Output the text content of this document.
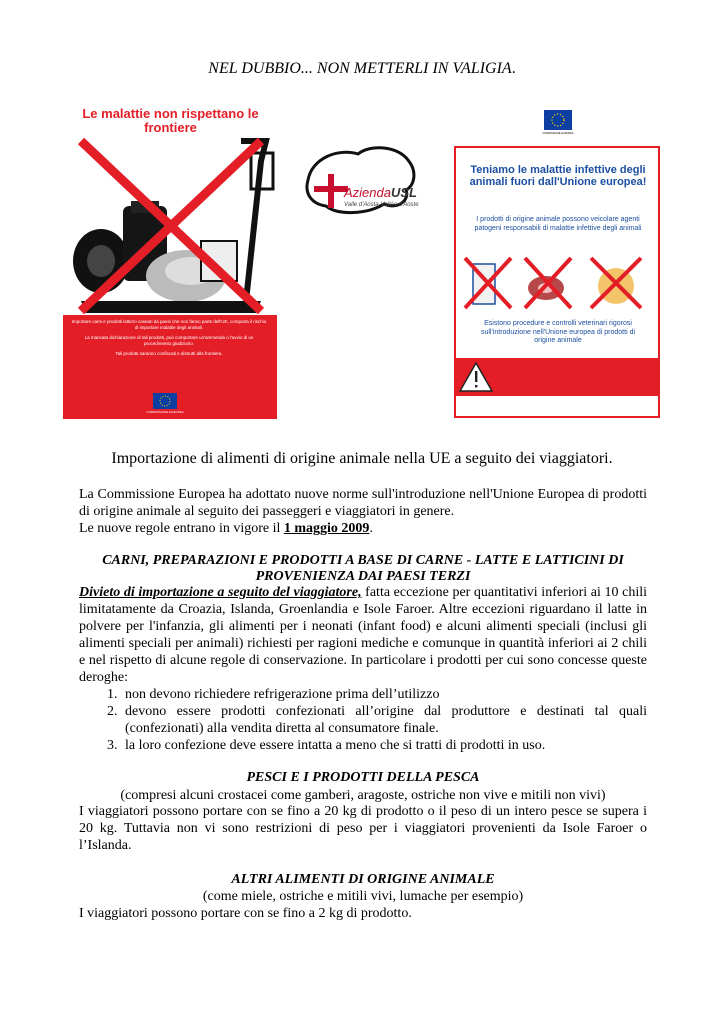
NEL DUBBIO... NON METTERLI IN VALIGIA.
Le malattie non rispettano le frontiere
Importare carni e prodotti lattiero caseari da paesi che non fanno parte dell'UE, comporta il rischio di importare malattie degli animali.
La mancata dichiarazione di tali prodotti, può comportare un'ammenda o l'avvio di un procedimento giudiziario.
Tali prodotti saranno confiscati e distrutti alla frontiera.
COMMISSIONE EUROPEA
AziendaUSL
Valle d'Aosta-Vallée d'Aoste
COMMISSIONE EUROPEA
Teniamo le malattie infettive degli animali fuori dall'Unione europea!
I prodotti di origine animale possono veicolare agenti patogeni responsabili di malattie infettive degli animali
Esistono procedure e controlli veterinari rigorosi sull'introduzione nell'Unione europea di prodotti di origine animale
Importazione di alimenti di origine animale nella UE a seguito dei viaggiatori.
La Commissione Europea ha adottato nuove norme sull'introduzione nell'Unione Europea di prodotti di origine animale al seguito dei passeggeri e viaggiatori in genere.
Le nuove regole entrano in vigore il 1 maggio 2009.
CARNI, PREPARAZIONI E PRODOTTI A BASE DI CARNE - LATTE E LATTICINI DI PROVENIENZA DAI PAESI TERZI
Divieto di importazione a seguito del viaggiatore, fatta eccezione per quantitativi inferiori ai 10 chili limitatamente da Croazia, Islanda, Groenlandia e Isole Faroer. Altre eccezioni riguardano il latte in polvere per l'infanzia, gli alimenti per i neonati (infant food) e alcuni alimenti speciali (inclusi gli alimenti speciali per animali) richiesti per ragioni mediche e comunque in quantità inferiori ai 2 chili e nel rispetto di alcune regole di conservazione. In particolare i prodotti per cui sono concesse queste deroghe:
1. non devono richiedere refrigerazione prima dell’utilizzo
2. devono essere prodotti confezionati all’origine dal produttore e destinati tal quali (confezionati) alla vendita diretta al consumatore finale.
3. la loro confezione deve essere intatta a meno che si tratti di prodotti in uso.
PESCI E I PRODOTTI DELLA PESCA
(compresi alcuni crostacei come gamberi, aragoste, ostriche non vive e mitili non vivi)
I viaggiatori possono portare con se fino a 20 kg di prodotto o il peso di un intero pesce se supera i 20 kg. Tuttavia non vi sono restrizioni di peso per i viaggiatori provenienti da Isole Faroer o l’Islanda.
ALTRI ALIMENTI DI ORIGINE ANIMALE
(come miele, ostriche e mitili vivi, lumache per esempio)
I viaggiatori possono portare con se fino a 2 kg di prodotto.
